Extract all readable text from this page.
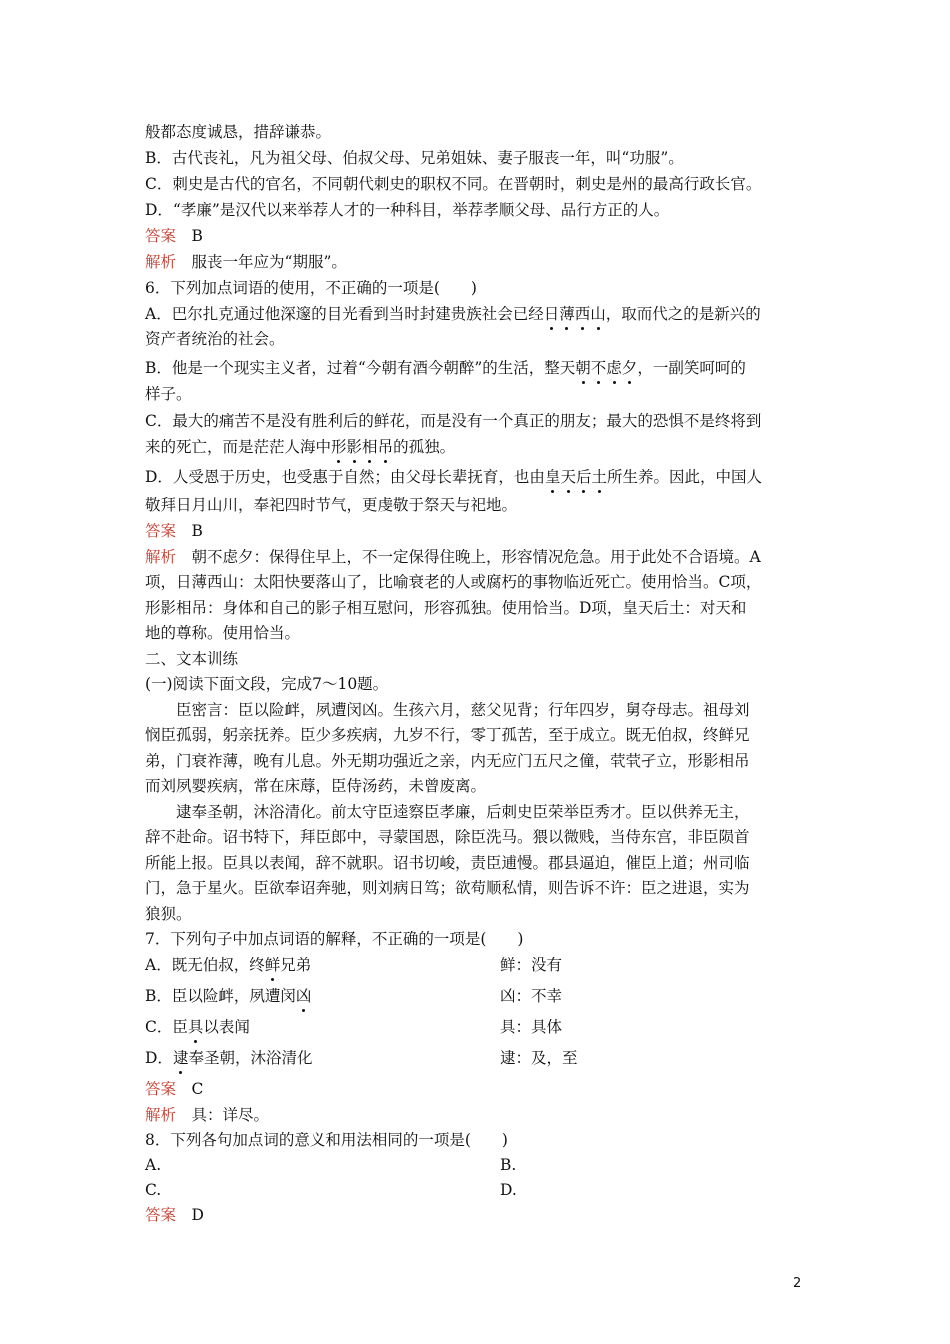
般都态度诚恳，措辞谦恭。
B．古代丧礼，凡为祖父母、伯叔父母、兄弟姐妹、妻子服丧一年，叫“功服”。
C．刺史是古代的官名，不同朝代刺史的职权不同。在晋朝时，刺史是州的最高行政长官。
D．“孝廉”是汉代以来举荐人才的一种科目，举荐孝顺父母、品行方正的人。
答案　B
解析　服丧一年应为“期服”。
6．下列加点词语的使用，不正确的一项是(　　)
A．巴尔扎克通过他深邃的目光看到当时封建贵族社会已经日薄西山，取而代之的是新兴的
资产者统治的社会。
B．他是一个现实主义者，过着“今朝有酒今朝醉”的生活，整天朝不虑夕，一副笑呵呵的
样子。
C．最大的痛苦不是没有胜利后的鲜花，而是没有一个真正的朋友；最大的恐惧不是终将到
来的死亡，而是茫茫人海中形影相吊的孤独。
D．人受恩于历史，也受惠于自然；由父母长辈抚育，也由皇天后土所生养。因此，中国人
敬拜日月山川，奉祀四时节气，更虔敬于祭天与祀地。
答案　B
解析　朝不虑夕：保得住早上，不一定保得住晚上，形容情况危急。用于此处不合语境。A
项，日薄西山：太阳快要落山了，比喻衰老的人或腐朽的事物临近死亡。使用恰当。C项，
形影相吊：身体和自己的影子相互慰问，形容孤独。使用恰当。D项，皇天后土：对天和
地的尊称。使用恰当。
二、文本训练
(一)阅读下面文段，完成7～10题。
　　臣密言：臣以险衅，夙遭闵凶。生孩六月，慈父见背；行年四岁，舅夺母志。祖母刘
悯臣孤弱，躬亲抚养。臣少多疾病，九岁不行，零丁孤苦，至于成立。既无伯叔，终鲜兄
弟，门衰祚薄，晚有儿息。外无期功强近之亲，内无应门五尺之僮，茕茕孑立，形影相吊
而刘夙婴疾病，常在床蓐，臣侍汤药，未曾废离。
　　逮奉圣朝，沐浴清化。前太守臣逵察臣孝廉，后刺史臣荣举臣秀才。臣以供养无主，
辞不赴命。诏书特下，拜臣郎中，寻蒙国恩，除臣洗马。猥以微贱，当侍东宫，非臣陨首
所能上报。臣具以表闻，辞不就职。诏书切峻，责臣逋慢。郡县逼迫，催臣上道；州司临
门，急于星火。臣欲奉诏奔驰，则刘病日笃；欲苟顺私情，则告诉不许：臣之进退，实为
狼狈。
7．下列句子中加点词语的解释，不正确的一项是(　　)
A．既无伯叔，终鲜兄弟	鲜：没有
B．臣以险衅，夙遭闵凶	凶：不幸
C．臣具以表闻	具：具体
D．逮奉圣朝，沐浴清化	逮：及，至
答案　C
解析　具：详尽。
8．下列各句加点词的意义和用法相同的一项是(　　)
A.	B.
C.	D.
答案　D
2
